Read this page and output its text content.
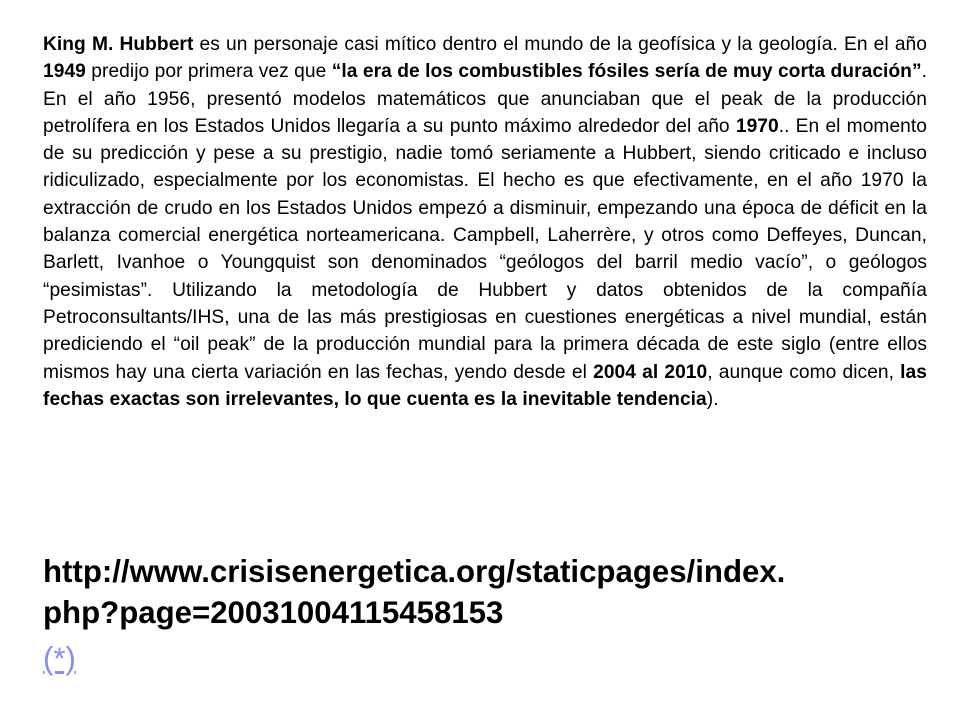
King M. Hubbert es un personaje casi mítico dentro el mundo de la geofísica y la geología. En el año 1949 predijo por primera vez que “la era de los combustibles fósiles sería de muy corta duración”. En el año 1956, presentó modelos matemáticos que anunciaban que el peak de la producción petrolífera en los Estados Unidos llegaría a su punto máximo alrededor del año 1970.. En el momento de su predicción y pese a su prestigio, nadie tomó seriamente a Hubbert, siendo criticado e incluso ridiculizado, especialmente por los economistas. El hecho es que efectivamente, en el año 1970 la extracción de crudo en los Estados Unidos empezó a disminuir, empezando una época de déficit en la balanza comercial energética norteamericana. Campbell, Laherrère, y otros como Deffeyes, Duncan, Barlett, Ivanhoe o Youngquist son denominados “geólogos del barril medio vacío”, o geólogos “pesimistas”. Utilizando la metodología de Hubbert y datos obtenidos de la compañía Petroconsultants/IHS, una de las más prestigiosas en cuestiones energéticas a nivel mundial, están prediciendo el “oil peak” de la producción mundial para la primera década de este siglo (entre ellos mismos hay una cierta variación en las fechas, yendo desde el 2004 al 2010, aunque como dicen, las fechas exactas son irrelevantes, lo que cuenta es la inevitable tendencia).

http://www.crisisenergetica.org/staticpages/index.
php?page=20031004115458153
(*)
